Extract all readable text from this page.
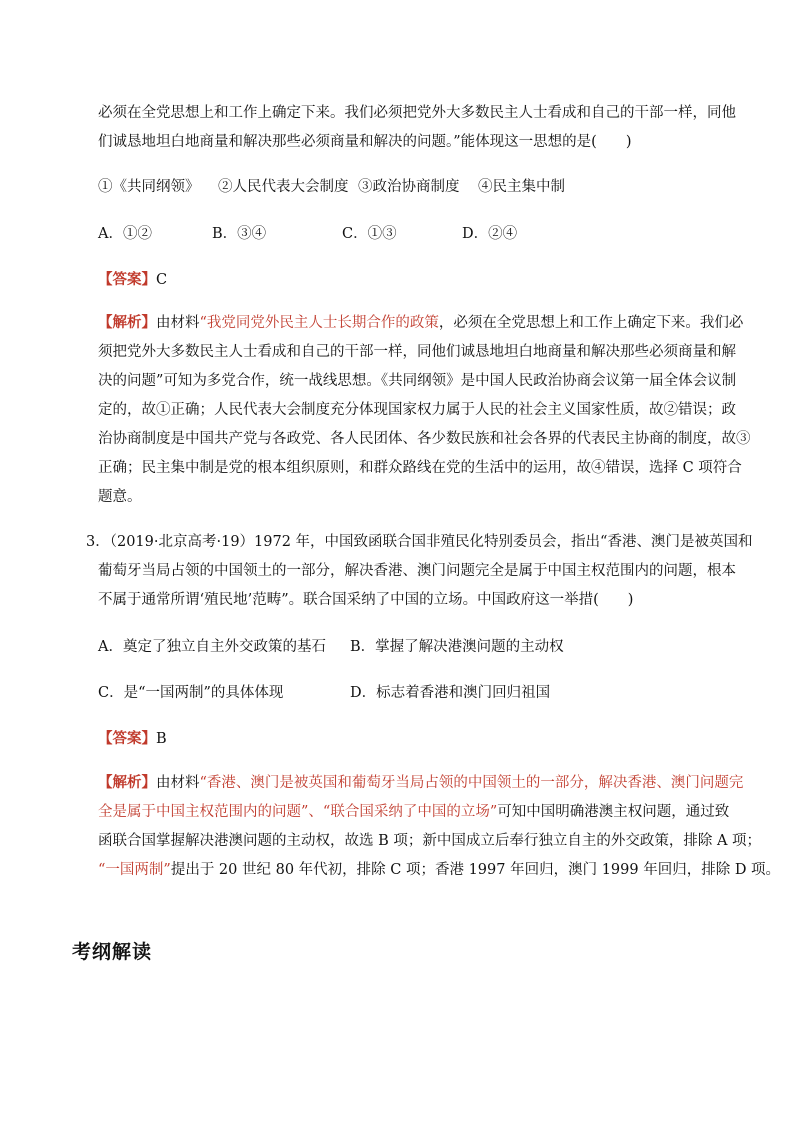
必须在全党思想上和工作上确定下来。我们必须把党外大多数民主人士看成和自己的干部一样，同他
们诚恳地坦白地商量和解决那些必须商量和解决的问题。”能体现这一思想的是(　　)
①《共同纲领》 ②人民代表大会制度 ③政治协商制度 ④民主集中制
A．①②	B．③④	C．①③	D．②④
【答案】C
【解析】由材料“我党同党外民主人士长期合作的政策，必须在全党思想上和工作上确定下来。我们必
须把党外大多数民主人士看成和自己的干部一样，同他们诚恳地坦白地商量和解决那些必须商量和解
决的问题”可知为多党合作，统一战线思想。《共同纲领》是中国人民政治协商会议第一届全体会议制
定的，故①正确；人民代表大会制度充分体现国家权力属于人民的社会主义国家性质，故②错误；政
治协商制度是中国共产党与各政党、各人民团体、各少数民族和社会各界的代表民主协商的制度，故③
正确；民主集中制是党的根本组织原则，和群众路线在党的生活中的运用，故④错误，选择 C 项符合
题意。
3．（2019·北京高考·19）1972 年，中国致函联合国非殖民化特别委员会，指出“香港、澳门是被英国和
葡萄牙当局占领的中国领土的一部分，解决香港、澳门问题完全是属于中国主权范围内的问题，根本
不属于通常所谓‘殖民地’范畴”。联合国采纳了中国的立场。中国政府这一举措(　　)
A．奠定了独立自主外交政策的基石 B．掌握了解决港澳问题的主动权
C．是“一国两制”的具体体现	D．标志着香港和澳门回归祖国
【答案】B
【解析】由材料“香港、澳门是被英国和葡萄牙当局占领的中国领土的一部分，解决香港、澳门问题完
全是属于中国主权范围内的问题”、“联合国采纳了中国的立场”可知中国明确港澳主权问题，通过致
函联合国掌握解决港澳问题的主动权，故选 B 项；新中国成立后奉行独立自主的外交政策，排除 A 项；
“一国两制”提出于 20 世纪 80 年代初，排除 C 项；香港 1997 年回归，澳门 1999 年回归，排除 D 项。
考纲解读
